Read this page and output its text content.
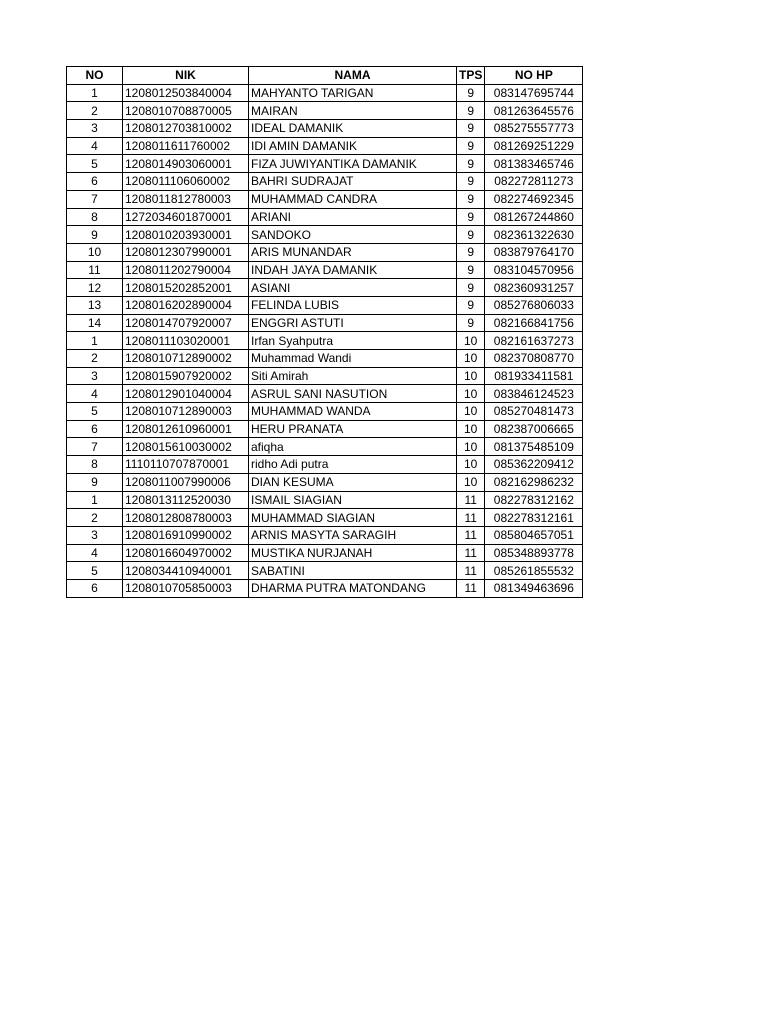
NO	NIK	NAMA	TPS	NO HP
1	1208012503840004	MAHYANTO TARIGAN	9	083147695744
2	1208010708870005	MAIRAN	9	081263645576
3	1208012703810002	IDEAL DAMANIK	9	085275557773
4	1208011611760002	IDI AMIN DAMANIK	9	081269251229
5	1208014903060001	FIZA JUWIYANTIKA DAMANIK	9	081383465746
6	1208011106060002	BAHRI SUDRAJAT	9	082272811273
7	1208011812780003	MUHAMMAD CANDRA	9	082274692345
8	1272034601870001	ARIANI	9	081267244860
9	1208010203930001	SANDOKO	9	082361322630
10	1208012307990001	ARIS MUNANDAR	9	083879764170
11	1208011202790004	INDAH JAYA DAMANIK	9	083104570956
12	1208015202852001	ASIANI	9	082360931257
13	1208016202890004	FELINDA LUBIS	9	085276806033
14	1208014707920007	ENGGRI ASTUTI	9	082166841756
1	1208011103020001	Irfan Syahputra	10	082161637273
2	1208010712890002	Muhammad Wandi	10	082370808770
3	1208015907920002	Siti Amirah	10	081933411581
4	1208012901040004	ASRUL SANI NASUTION	10	083846124523
5	1208010712890003	MUHAMMAD WANDA	10	085270481473
6	1208012610960001	HERU PRANATA	10	082387006665
7	1208015610030002	afiqha	10	081375485109
8	1110110707870001	ridho Adi putra	10	085362209412
9	1208011007990006	DIAN KESUMA	10	082162986232
1	1208013112520030	ISMAIL SIAGIAN	11	082278312162
2	1208012808780003	MUHAMMAD SIAGIAN	11	082278312161
3	1208016910990002	ARNIS MASYTA SARAGIH	11	085804657051
4	1208016604970002	MUSTIKA NURJANAH	11	085348893778
5	1208034410940001	SABATINI	11	085261855532
6	1208010705850003	DHARMA PUTRA MATONDANG	11	081349463696
